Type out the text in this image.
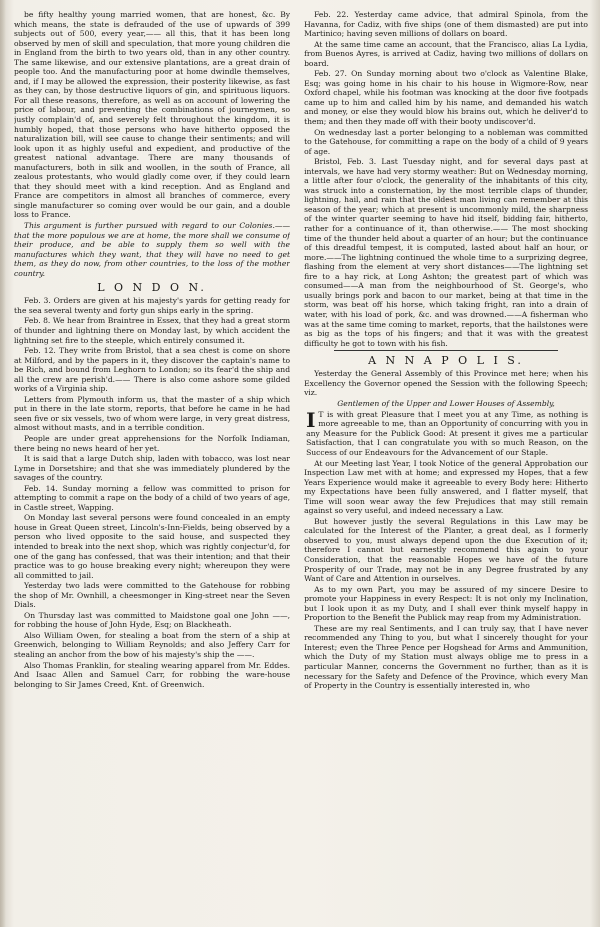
be fifty healthy young married women, that are honest, &c. By which means, the state is defrauded of the use of upwards of 399 subjects out of 500, every year,—— all this, that it has been long observed by men of skill and speculation, that more young children die in England from the birth to two years old, than in any other country. The same likewise, and our extensive plantations, are a great drain of people too. And the manufacturing poor at home dwindle themselves, and, if I may be allowed the expression, their posterity likewise, as fast as they can, by those destructive liquors of gin, and spirituous liquors. For all these reasons, therefore, as well as on account of lowering the price of labour, and preventing the combinations of journeymen, so justly complain'd of, and severely felt throughout the kingdom, it is humbly hoped, that those persons who have hitherto opposed the naturalization bill, will see cause to change their sentiments; and will look upon it as highly useful and expedient, and productive of the greatest national advantage. There are many thousands of manufacturers, both in silk and woollen, in the south of France, all zealous protestants, who would gladly come over, if they could learn that they should meet with a kind reception. And as England and France are competitors in almost all branches of commerce, every single manufacturer so coming over would be our gain, and a double loss to France.

This argument is further pursued with regard to our Colonies.——that the more populous we are at home, the more shall we consume of their produce, and be able to supply them so well with the manufactures which they want, that they will have no need to get them, as they do now, from other countries, to the loss of the mother country.

L O N D O N.

Feb. 3. Orders are given at his majesty's yards for getting ready for the sea several twenty and forty gun ships early in the spring.

Feb. 8. We hear from Braintree in Essex, that they had a great storm of thunder and lightning there on Monday last, by which accident the lightning set fire to the steeple, which entirely consumed it.

Feb. 12. They write from Bristol, that a sea chest is come on shore at Milford, and by the papers in it, they discover the captain's name to be Rich, and bound from Leghorn to London; so its fear'd the ship and all the crew are perish'd.—— There is also come ashore some gilded works of a Virginia ship.

Letters from Plymouth inform us, that the master of a ship which put in there in the late storm, reports, that before he came in he had seen five or six vessels, two of whom were large, in very great distress, almost without masts, and in a terrible condition.

People are under great apprehensions for the Norfolk Indiaman, there being no news heard of her yet.

It is said that a large Dutch ship, laden with tobacco, was lost near Lyme in Dorsetshire; and that she was immediately plundered by the savages of the country.

Feb. 14. Sunday morning a fellow was committed to prison for attempting to commit a rape on the body of a child of two years of age, in Castle street, Wapping.

On Monday last several persons were found concealed in an empty house in Great Queen street, Lincoln's-Inn-Fields, being observed by a person who lived opposite to the said house, and suspected they intended to break into the next shop, which was rightly conjectur'd, for one of the gang has confessed, that was their intention; and that their practice was to go house breaking every night; whereupon they were all committed to jail.

Yesterday two lads were committed to the Gatehouse for robbing the shop of Mr. Ownhill, a cheesmonger in King-street near the Seven Dials.

On Thursday last was committed to Maidstone goal one John ——, for robbing the house of John Hyde, Esq; on Blackheath.

Also William Owen, for stealing a boat from the stern of a ship at Greenwich, belonging to William Reynolds; and also Jeffery Carr for stealing an anchor from the bow of his majesty's ship the ——.

Also Thomas Franklin, for stealing wearing apparel from Mr. Eddes. And Isaac Allen and Samuel Carr, for robbing the ware-house belonging to Sir James Creed, Knt. of Greenwich.

Feb. 22. Yesterday came advice, that admiral Spinola, from the Havanna, for Cadiz, with five ships (one of them dismasted) are put into Martinico; having seven millions of dollars on board.

At the same time came an account, that the Francisco, alias La Lydia, from Buenos Ayres, is arrived at Cadiz, having two millions of dollars on board.

Feb. 27. On Sunday morning about two o'clock as Valentine Blake, Esq; was going home in his chair to his house in Wigmore-Row, near Oxford chapel, while his footman was knocking at the door five footpads came up to him and called him by his name, and demanded his watch and money, or else they would blow his brains out, which he deliver'd to them; and then they made off with their booty undiscover'd.

On wednesday last a porter belonging to a nobleman was committed to the Gatehouse, for committing a rape on the body of a child of 9 years of age.

Bristol, Feb. 3. Last Tuesday night, and for several days past at intervals, we have had very stormy weather: But on Wednesday morning, a little after four o'clock, the generality of the inhabitants of this city, was struck into a consternation, by the most terrible claps of thunder, lightning, hail, and rain that the oldest man living can remember at this season of the year; which at present is uncommonly mild, the sharpness of the winter quarter seeming to have hid itself, bidding fair, hitherto, rather for a continuance of it, than otherwise.—— The most shocking time of the thunder held about a quarter of an hour; but the continuance of this dreadful tempest, it is computed, lasted about half an hour, or more.——The lightning continued the whole time to a surprizing degree, flashing from the element at very short distances——The lightning set fire to a hay rick, at Long Ashton; the greatest part of which was consumed——A man from the neighbourhood of St. George's, who usually brings pork and bacon to our market, being at that time in the storm, was beat off his horse, which taking fright, ran into a drain of water, with his load of pork, &c. and was drowned.——A fisherman who was at the same time coming to market, reports, that the hailstones were as big as the tops of his fingers; and that it was with the greatest difficulty he got to town with his fish.

A N N A P O L I S.

Yesterday the General Assembly of this Province met here; when his Excellency the Governor opened the Session with the following Speech; viz.

Gentlemen of the Upper and Lower Houses of Assembly,

I T is with great Pleasure that I meet you at any Time, as nothing is more agreeable to me, than an Opportunity of concurring with you in any Measure for the Publick Good: At present it gives me a particular Satisfaction, that I can congratulate you with so much Reason, on the Success of our Endeavours for the Advancement of our Staple.

At our Meeting last Year, I took Notice of the general Approbation our Inspection Law met with at home; and expressed my Hopes, that a few Years Experience would make it agreeable to every Body here: Hitherto my Expectations have been fully answered, and I flatter myself, that Time will soon wear away the few Prejudices that may still remain against so very useful, and indeed necessary a Law.

But however justly the several Regulations in this Law may be calculated for the Interest of the Planter, a great deal, as I formerly observed to you, must always depend upon the due Execution of it; therefore I cannot but earnestly recommend this again to your Consideration, that the reasonable Hopes we have of the future Prosperity of our Trade, may not be in any Degree frustrated by any Want of Care and Attention in ourselves.

As to my own Part, you may be assured of my sincere Desire to promote your Happiness in every Respect: It is not only my Inclination, but I look upon it as my Duty, and I shall ever think myself happy in Proportion to the Benefit the Publick may reap from my Administration.

These are my real Sentiments, and I can truly say, that I have never recommended any Thing to you, but what I sincerely thought for your Interest; even the Three Pence per Hogshead for Arms and Ammunition, which the Duty of my Station must always oblige me to press in a particular Manner, concerns the Government no further, than as it is necessary for the Safety and Defence of the Province, which every Man of Property in the Country is essentially interested in, who
